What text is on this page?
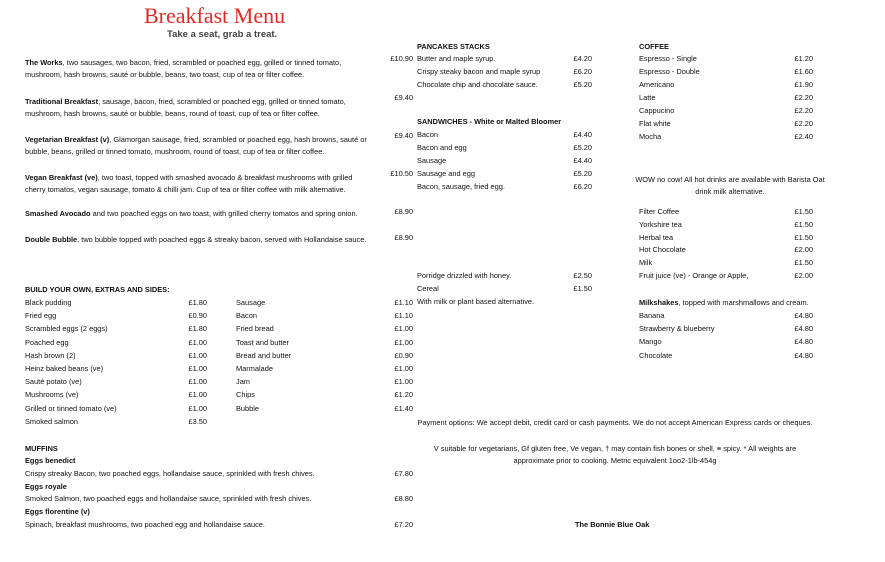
Breakfast Menu
Take a seat, grab a treat.
The Works, two sausages, two bacon, fried, scrambled or poached egg, grilled or tinned tomato, mushroom, hash browns, sauté or bubble, beans, two toast, cup of tea or filter coffee.
£10.90
Traditional Breakfast, sausage, bacon, fried, scrambled or poached egg, grilled or tinned tomato, mushroom, hash browns, sauté or bubble, beans, round of toast, cup of tea or filter coffee.
£9.40
Vegetarian Breakfast (v), Glamorgan sausage, fried, scrambled or poached egg, hash browns, sauté or bubble, beans, grilled or tinned tomato, mushroom, round of toast, cup of tea or filter coffee.
£9.40
Vegan Breakfast (ve), two toast, topped with smashed avocado & breakfast mushrooms with grilled cherry tomatos, vegan sausage, tomato & chilli jam. Cup of tea or filter coffee with milk alternative.
£10.50
Smashed Avocado and two poached eggs on two toast, with grilled cherry tomatos and spring onion.	£8.90
Double Bubble, two bubble topped with poached eggs & streaky bacon, served with Hollandaise sauce.	£8.90
BUILD YOUR OWN, EXTRAS AND SIDES:
Black pudding	£1.80
Fried egg	£0.90
Scrambled eggs (2 eggs)	£1.80
Poached egg	£1.00
Hash brown (2)	£1.00
Heinz baked beans (ve)	£1.00
Sauté potato (ve)	£1.00
Mushrooms (ve)	£1.00
Grilled or tinned tomato (ve)	£1.00
Smoked salmon	£3.50
Sausage	£1.10
Bacon	£1.10
Fried bread	£1.00
Toast and butter	£1.00
Bread and butter	£0.90
Marmalade	£1.00
Jam	£1.00
Chips	£1.20
Bubble	£1.40
MUFFINS
Eggs benedict
Crispy streaky Bacon, two poached eggs, hollandaise sauce, sprinkled with fresh chives.	£7.80
Eggs royale
Smoked Salmon, two poached eggs and hollandaise sauce, sprinkled with fresh chives.	£8.80
Eggs florentine (v)
Spinach, breakfast mushrooms, two poached egg and hollandaise sauce.	£7.20
PANCAKES STACKS
Butter and maple syrup.	£4.20
Crispy steaky bacon and maple syrup	£6.20
Chocolate chip and chocolate sauce.	£5.20
SANDWICHES - White or Malted Bloomer
Bacon	£4.40
Bacon and egg	£5.20
Sausage	£4.40
Sausage and egg	£5.20
Bacon, sausage, fried egg.	£6.20
Porridge drizzled with honey.	£2.50
Cereal	£1.50
With milk or plant based alternative.
COFFEE
Espresso - Single	£1.20
Espresso - Double	£1.60
Americano	£1.90
Latte	£2.20
Cappucino	£2.20
Flat white	£2.20
Mocha	£2.40
WOW no cow! All hot drinks are available with Barista Oat drink milk alternative.
Filter Coffee	£1.50
Yorkshire tea	£1.50
Herbal tea	£1.50
Hot Chocolate	£2.00
Milk	£1.50
Fruit juice (ve) - Orange or Apple,	£2.00
Milkshakes, topped with marshmallows and cream.
Banana	£4.80
Strawberry & blueberry	£4.80
Mango	£4.80
Chocolate	£4.80
Payment options: We accept debit, credit card or cash payments. We do not accept American Express cards or cheques.
V suitable for vegetarians, Gf gluten free, Ve vegan, † may contain fish bones or shell, ≡ spicy. * All weights are approximate prior to cooking. Metric equivalent 1oo2-1lb-454g
The Bonnie Blue Oak
